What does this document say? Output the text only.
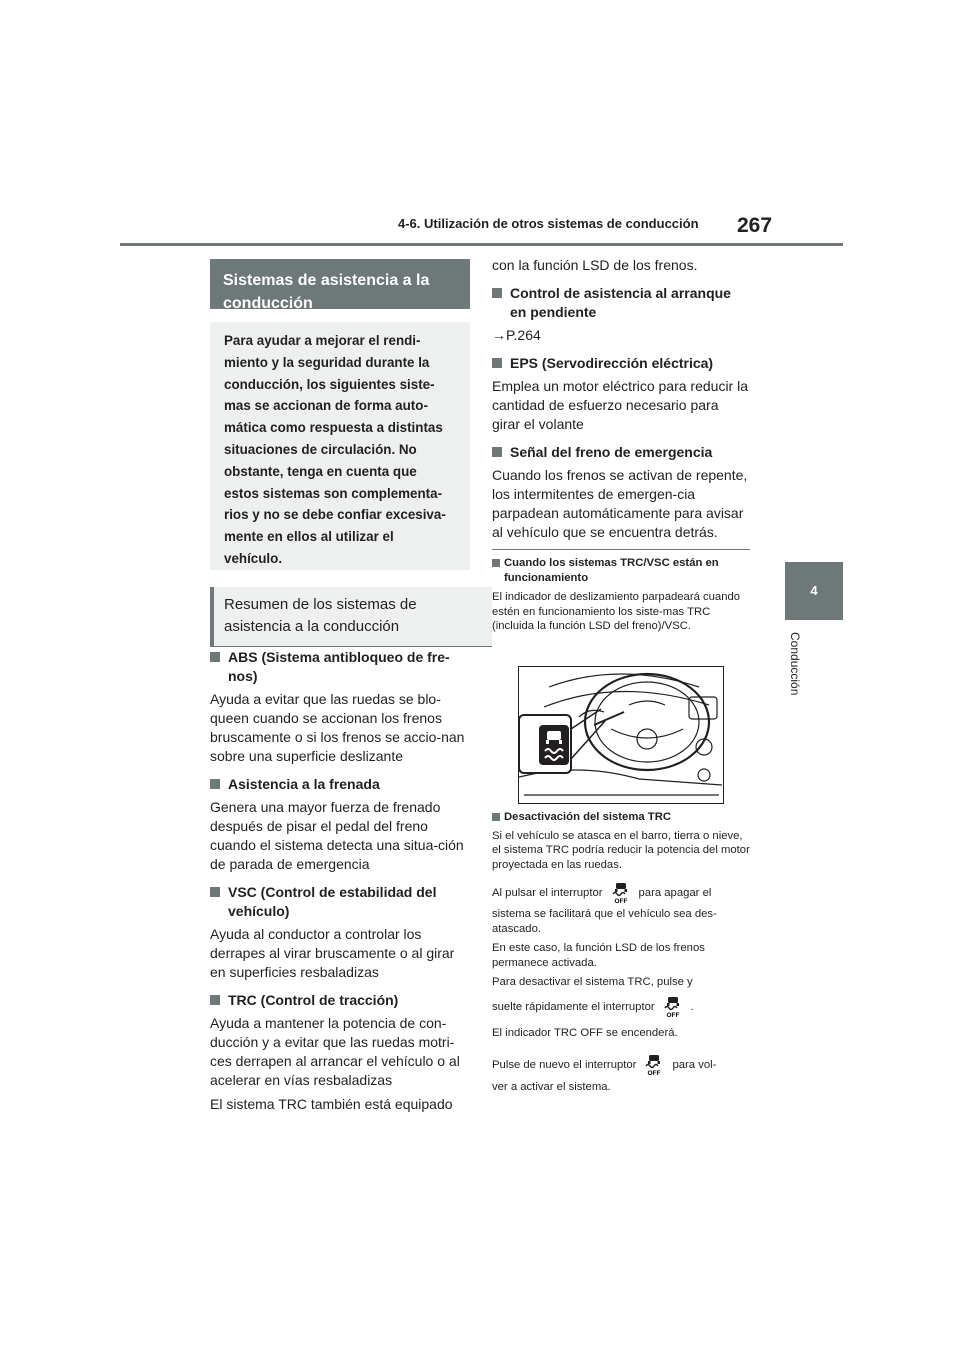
4-6. Utilización de otros sistemas de conducción 267
4
Conducción
Sistemas de asistencia a la conducción
Para ayudar a mejorar el rendi-
miento y la seguridad durante la
conducción, los siguientes siste-
mas se accionan de forma auto-
mática como respuesta a distintas
situaciones de circulación. No
obstante, tenga en cuenta que
estos sistemas son complementa-
rios y no se debe confiar excesiva-
mente en ellos al utilizar el
vehículo.
Resumen de los sistemas de asistencia a la conducción

ABS (Sistema antibloqueo de fre-nos)

Ayuda a evitar que las ruedas se blo-queen cuando se accionan los frenos bruscamente o si los frenos se accio-nan sobre una superficie deslizante

Asistencia a la frenada

Genera una mayor fuerza de frenado después de pisar el pedal del freno cuando el sistema detecta una situa-ción de parada de emergencia

VSC (Control de estabilidad del vehículo)

Ayuda al conductor a controlar los derrapes al virar bruscamente o al girar en superficies resbaladizas

TRC (Control de tracción)

Ayuda a mantener la potencia de con-ducción y a evitar que las ruedas motri-ces derrapen al arrancar el vehículo o al acelerar en vías resbaladizas

El sistema TRC también está equipado

con la función LSD de los frenos.

Control de asistencia al arranque en pendiente

→P.264

EPS (Servodirección eléctrica)

Emplea un motor eléctrico para reducir la cantidad de esfuerzo necesario para girar el volante

Señal del freno de emergencia

Cuando los frenos se activan de repente, los intermitentes de emergen-cia parpadean automáticamente para avisar al vehículo que se encuentra detrás.

Cuando los sistemas TRC/VSC están en funcionamiento
El indicador de deslizamiento parpadeará cuando estén en funcionamiento los siste-mas TRC (incluida la función LSD del freno)/VSC.
Desactivación del sistema TRC
Si el vehículo se atasca en el barro, tierra o nieve, el sistema TRC podría reducir la potencia del motor proyectada en las ruedas.
Al pulsar el interruptor
OFF
para apagar el
sistema se facilitará que el vehículo sea des-atascado.
En este caso, la función LSD de los frenos permanece activada.
Para desactivar el sistema TRC, pulse y
suelte rápidamente el interruptor
OFF
.
El indicador TRC OFF se encenderá.
Pulse de nuevo el interruptor
OFF
para vol-
ver a activar el sistema.
